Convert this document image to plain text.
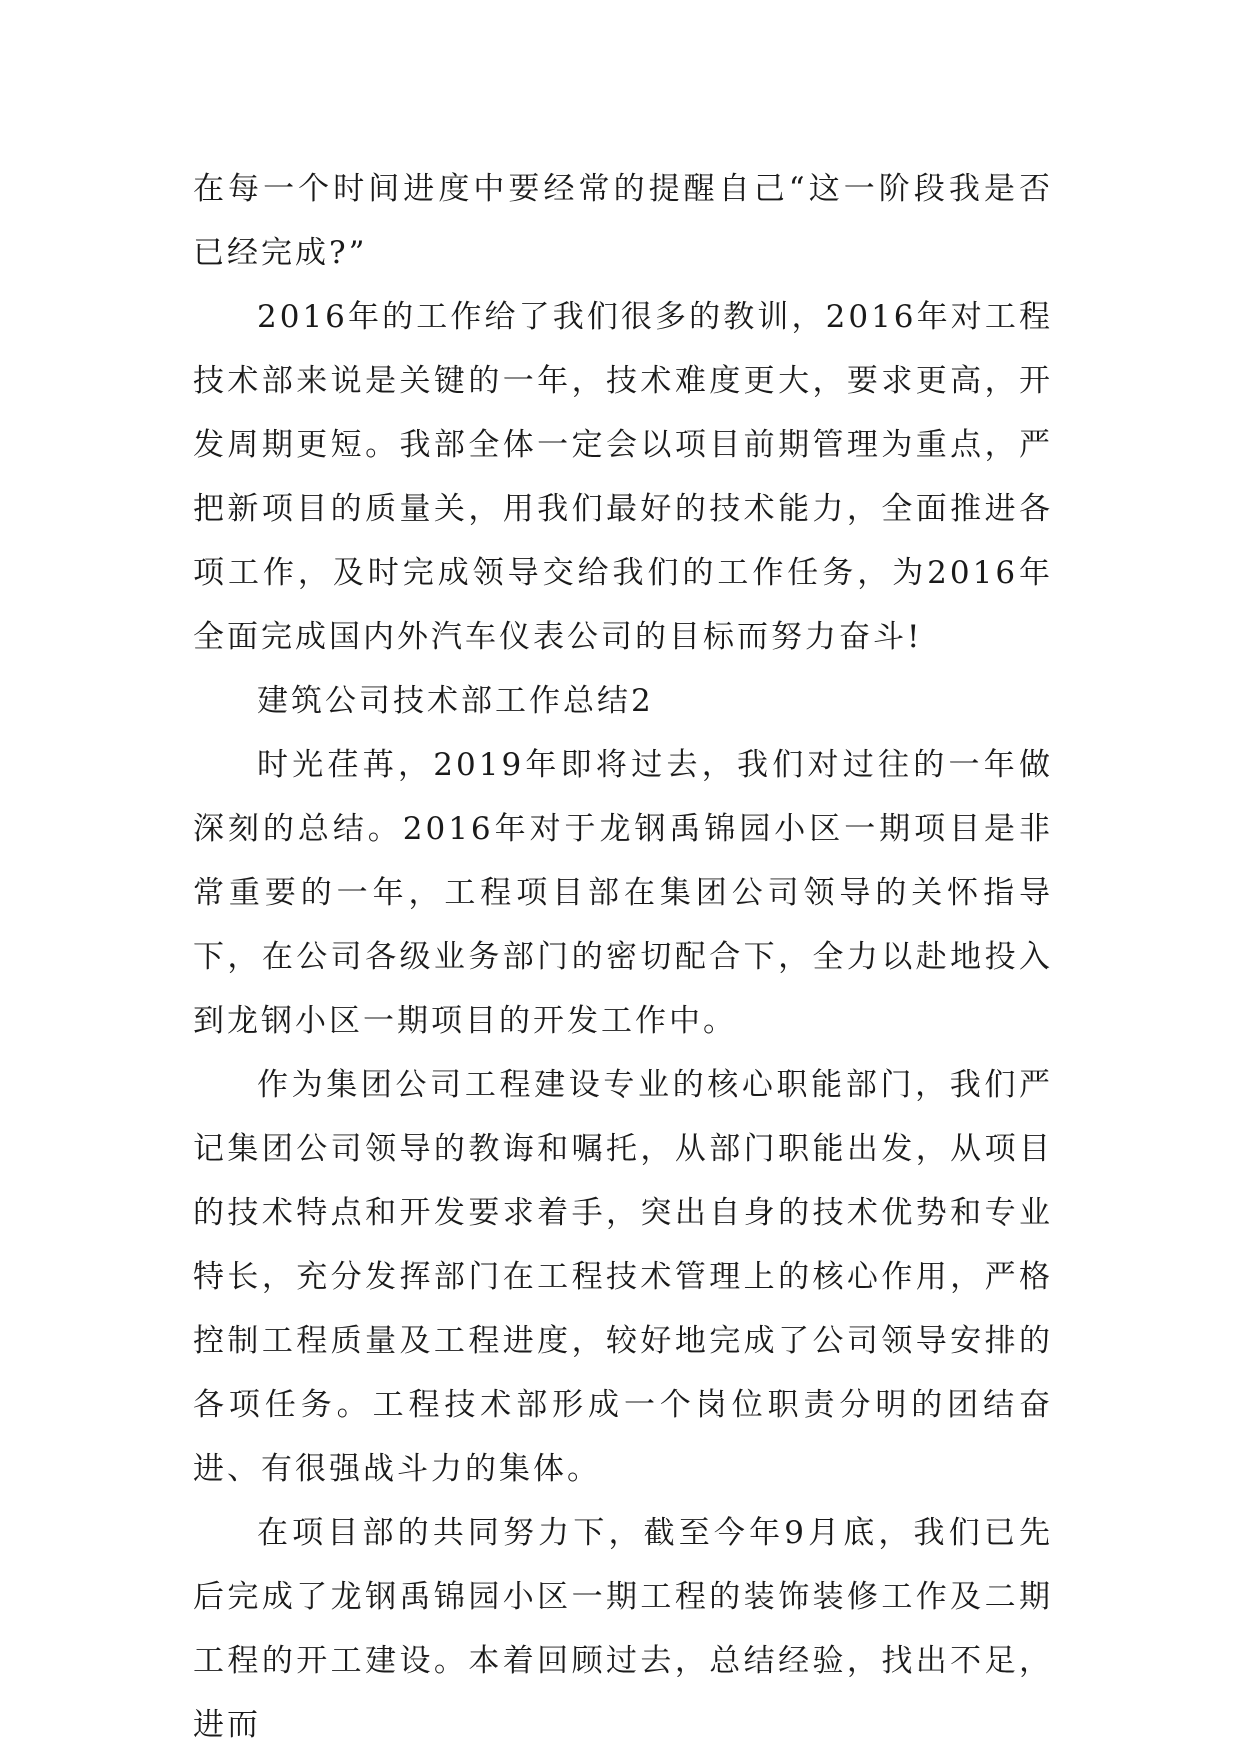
在每一个时间进度中要经常的提醒自己“这一阶段我是否已经完成?”

2016年的工作给了我们很多的教训，2016年对工程技术部来说是关键的一年，技术难度更大，要求更高，开发周期更短。我部全体一定会以项目前期管理为重点，严把新项目的质量关，用我们最好的技术能力，全面推进各项工作，及时完成领导交给我们的工作任务，为2016年全面完成国内外汽车仪表公司的目标而努力奋斗!

建筑公司技术部工作总结2

时光荏苒，2019年即将过去，我们对过往的一年做深刻的总结。2016年对于龙钢禹锦园小区一期项目是非常重要的一年，工程项目部在集团公司领导的关怀指导下，在公司各级业务部门的密切配合下，全力以赴地投入到龙钢小区一期项目的开发工作中。

作为集团公司工程建设专业的核心职能部门，我们严记集团公司领导的教诲和嘱托，从部门职能出发，从项目的技术特点和开发要求着手，突出自身的技术优势和专业特长，充分发挥部门在工程技术管理上的核心作用，严格控制工程质量及工程进度，较好地完成了公司领导安排的各项任务。工程技术部形成一个岗位职责分明的团结奋进、有很强战斗力的集体。

在项目部的共同努力下，截至今年9月底，我们已先后完成了龙钢禹锦园小区一期工程的装饰装修工作及二期工程的开工建设。本着回顾过去，总结经验，找出不足，进而
